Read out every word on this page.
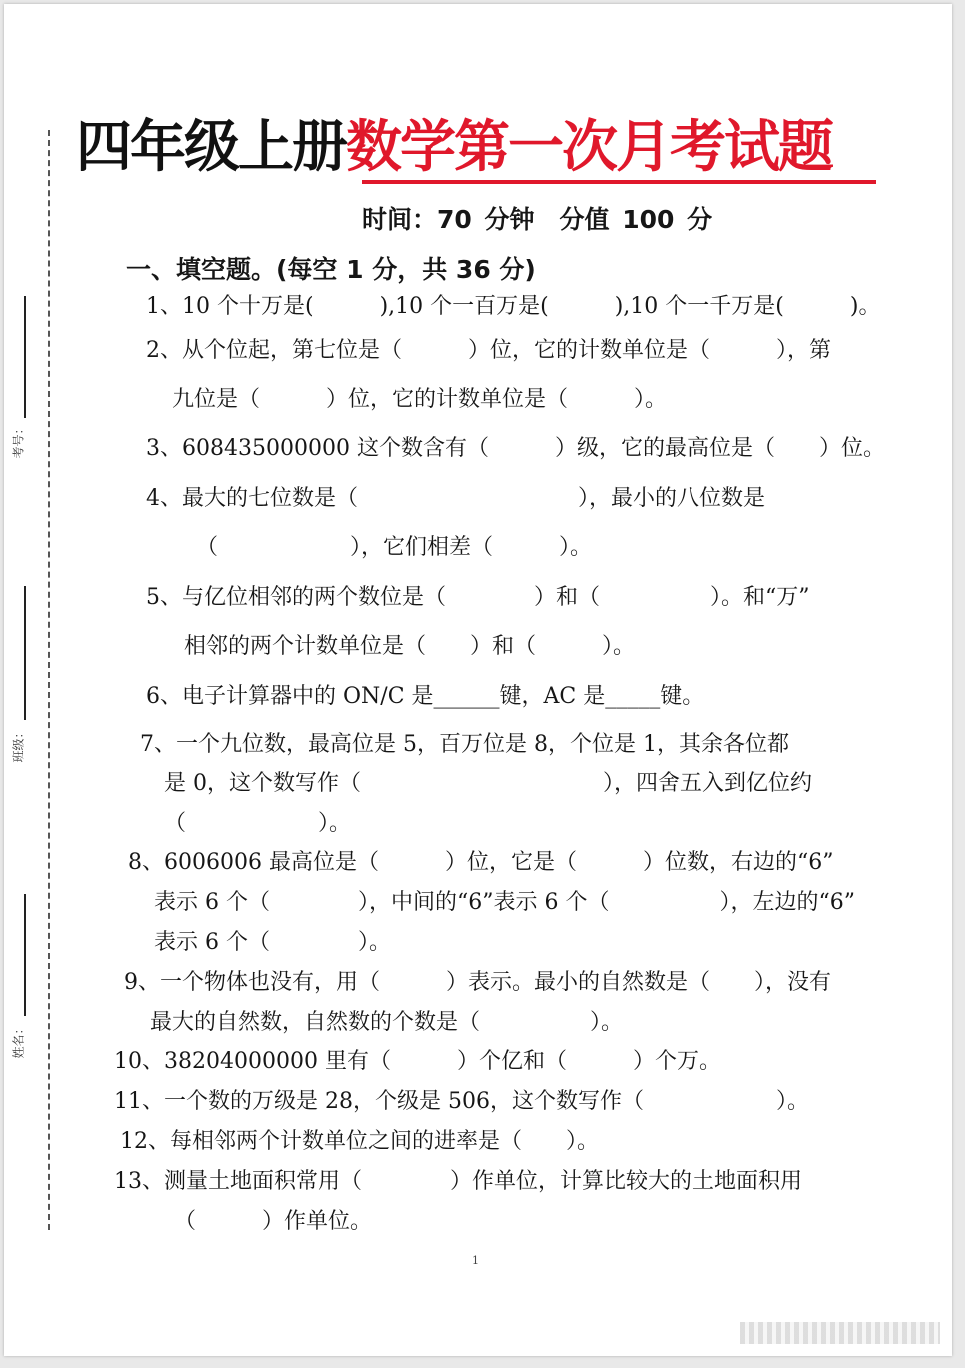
考号：
班级：
姓名：
四年级上册数学第一次月考试题
时间：70 分钟　分值 100 分
一、填空题。(每空 1 分，共 36 分)
1、10 个十万是(　　　),10 个一百万是(　　　),10 个一千万是(　　　)。
2、从个位起，第七位是（　　　）位，它的计数单位是（　　　），第
九位是（　　　）位，它的计数单位是（　　　）。
3、608435000000 这个数含有（　　　）级，它的最高位是（　　）位。
4、最大的七位数是（　　　　　　　　　　），最小的八位数是
（　　　　　　），它们相差（　　　）。
5、与亿位相邻的两个数位是（　　　　）和（　　　　　）。和“万”
相邻的两个计数单位是（　　）和（　　　）。
6、电子计算器中的 ON/C 是______键，AC 是_____键。
7、一个九位数，最高位是 5，百万位是 8，个位是 1，其余各位都
是 0，这个数写作（　　　　　　　　　　　），四舍五入到亿位约
（　　　　　　）。
8、6006006 最高位是（　　　）位，它是（　　　）位数，右边的“6”
表示 6 个（　　　　），中间的“6”表示 6 个（　　　　　），左边的“6”
表示 6 个（　　　　）。
9、一个物体也没有，用（　　　）表示。最小的自然数是（　　），没有
最大的自然数，自然数的个数是（　　　　　）。
10、38204000000 里有（　　　）个亿和（　　　）个万。
11、一个数的万级是 28，个级是 506，这个数写作（　　　　　　）。
12、每相邻两个计数单位之间的进率是（　　）。
13、测量土地面积常用（　　　　）作单位，计算比较大的土地面积用
（　　　）作单位。
1
